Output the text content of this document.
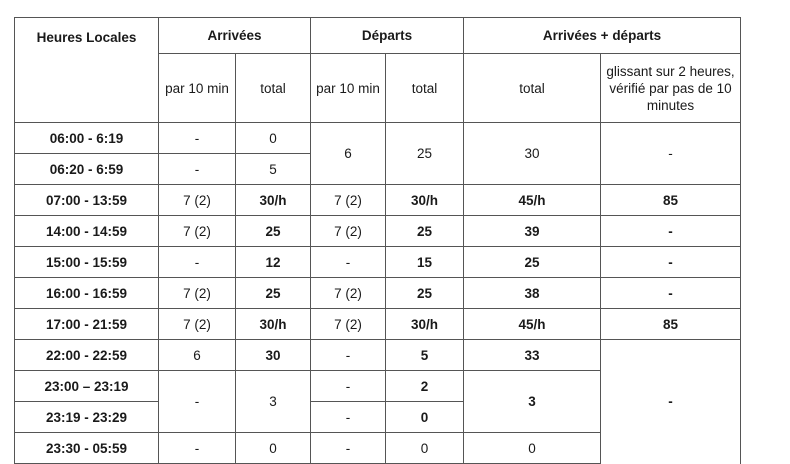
Heures Locales	Arrivées		Départs		Arrivées + départs	
	par 10 min	total	par 10 min	total	total	glissant sur 2 heures, vérifié par pas de 10 minutes
06:00 - 6:19	-	0	6	25	30	-
06:20 - 6:59	-	5				
07:00 - 13:59	7 (2)	30/h	7 (2)	30/h	45/h	85
14:00 - 14:59	7 (2)	25	7 (2)	25	39	-
15:00 - 15:59	-	12	-	15	25	-
16:00 - 16:59	7 (2)	25	7 (2)	25	38	-
17:00 - 21:59	7 (2)	30/h	7 (2)	30/h	45/h	85
22:00 - 22:59	6	30	-	5	33	-
23:00 – 23:19	-	3	-	2	3	
23:19 - 23:29			-	0		
23:30 - 05:59	-	0	-	0	0	
